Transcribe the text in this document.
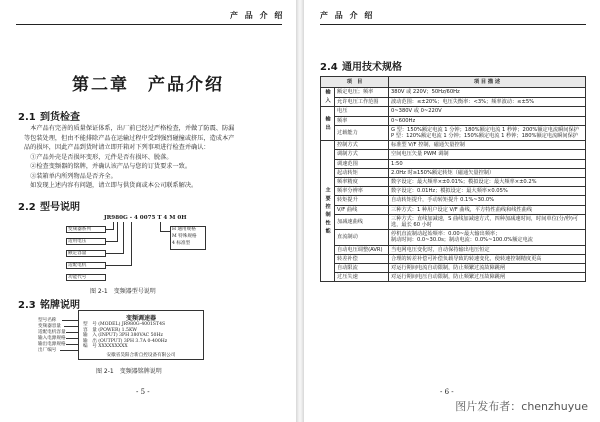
产 品 介 绍
第二章　产品介绍
2.1 到货检查
　本产品有完善的质量保证体系，出厂前已经过严格检查，并做了防震、防漏
等包装处理，但由不能排除产品在运输过程中受到强烈碰撞或挤压，造成本产
品的损坏，因此产品到货时请立即开箱对下列事项进行检查并确认：
　①产品外壳是否损坏变形，元件是否有损坏、脱落。
　②检查变频器的铭牌，并确认该产品与您的订货要求一致。
　③装箱单内所列物品是否齐全。
　如发现上述内容有问题，请立即与供货商或本公司联系解决。
2.2 型号说明
JR980G - 4 0075 T 4 M 0H
变频器系列
适用电压
额定容量
适配电机
功能代号
H 通用规格
M 特殊规格
4 标准型
图 2-1　变频器型号说明
2.3 铭牌说明
型号名称
变频器容量
适配电机容量
输入电源规格
输出电源规格
出厂编号
变频调速器
型　号 (MODEL) JR980G-4001ST4S
容　量 (POWER) 1.5KW
输　入 (INPUT) 3PH 380VAC 50Hz
输　出 (OUTPUT) 3PH 3.7A 0-400Hz
编　号 XXXXXXXXX
安徽省昊阳合新自控设备有限公司
图 2-1　变频器铭牌说明
- 5 -
产 品 介 绍
2.4 通用技术规格
项　目		项 目 描 述
输入	额定电压；频率	380V 或 220V；50Hz/60Hz
	允许电压工作范围	波动范围：≤±20%；电压失衡率：<3%；频率波动：≤±5%
输出	电压	0~380V 或 0~220V
	频率	0~600Hz
	过载能力	G 型：150%额定电流 1 分钟；180%额定电流 1 秒钟；200%额定电流瞬间保护
P 型：120%额定电流 1 分钟；150%额定电流 1 秒钟；180%额定电流瞬间保护
主要控制性能	控制方式	标准型 V/F 控制，磁通矢量控制
	调制方式	空间电压矢量 PWM 调制
	调速范围	1:50
	起动转矩	2.0Hz 时≥150%额定转矩（磁通矢量控制）
	频率精度	数字设定：最大频率×±0.01%；模拟设定：最大频率×±0.2%
	频率分辨率	数字设定：0.01Hz；模拟设定：最大频率×0.05%
	转矩提升	自动转矩提升，手动转矩提升 0.1%~30.0%
	V/F 曲线	三种方式：1 种用户设定 V/F 曲线，平方特性曲线和线性曲线
	加减速曲线	三种方式：直线加减速，S 曲线加减速方式，四种加减速时间，时间单位(分/秒)可选，最长 60 小时
	直流制动	停机直流制动起始频率：0.00~最大输出频率；
制动时间：0.0~30.0s；制动电流：0.0%~100.0%额定电流
	自动电压调整(AVR)	当电网电压变化时，自动保持输出电压恒定
	转差补偿	合理的转差补偿可补偿负载导致的转速变化，使转速控制精度更高
	自动限流	对运行期间电流自动限制，防止频繁过流故障跳闸
	过压失速	对运行期间电压自动限制，防止频繁过压故障跳闸
- 6 -
图片发布者：chenzhuyue
